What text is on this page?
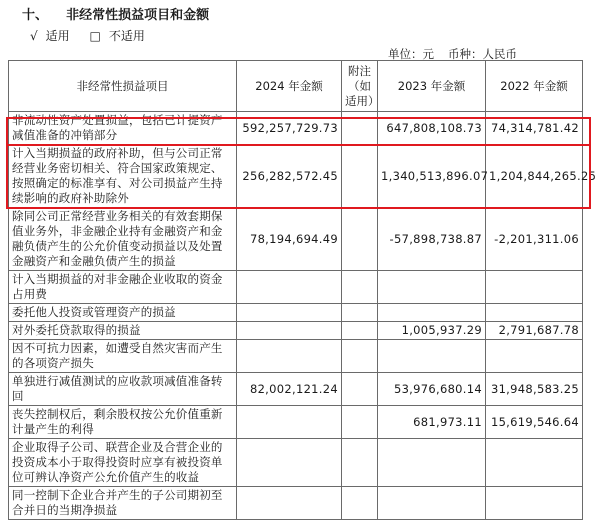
十、 非经常性损益项目和金额
√ 适用 □ 不适用
单位：元 币种：人民币
非经常性损益项目	2024 年金额	附注（如适用）	2023 年金额	2022 年金额
非流动性资产处置损益，包括已计提资产减值准备的冲销部分	592,257,729.73		647,808,108.73	74,314,781.42
计入当期损益的政府补助，但与公司正常经营业务密切相关、符合国家政策规定、按照确定的标准享有、对公司损益产生持续影响的政府补助除外	256,282,572.45		1,340,513,896.07	1,204,844,265.25
除同公司正常经营业务相关的有效套期保值业务外，非金融企业持有金融资产和金融负债产生的公允价值变动损益以及处置金融资产和金融负债产生的损益	78,194,694.49		-57,898,738.87	-2,201,311.06
计入当期损益的对非金融企业收取的资金占用费				
委托他人投资或管理资产的损益				
对外委托贷款取得的损益			1,005,937.29	2,791,687.78
因不可抗力因素，如遭受自然灾害而产生的各项资产损失				
单独进行减值测试的应收款项减值准备转回	82,002,121.24		53,976,680.14	31,948,583.25
丧失控制权后，剩余股权按公允价值重新计量产生的利得			681,973.11	15,619,546.64
企业取得子公司、联营企业及合营企业的投资成本小于取得投资时应享有被投资单位可辨认净资产公允价值产生的收益				
同一控制下企业合并产生的子公司期初至合并日的当期净损益				
